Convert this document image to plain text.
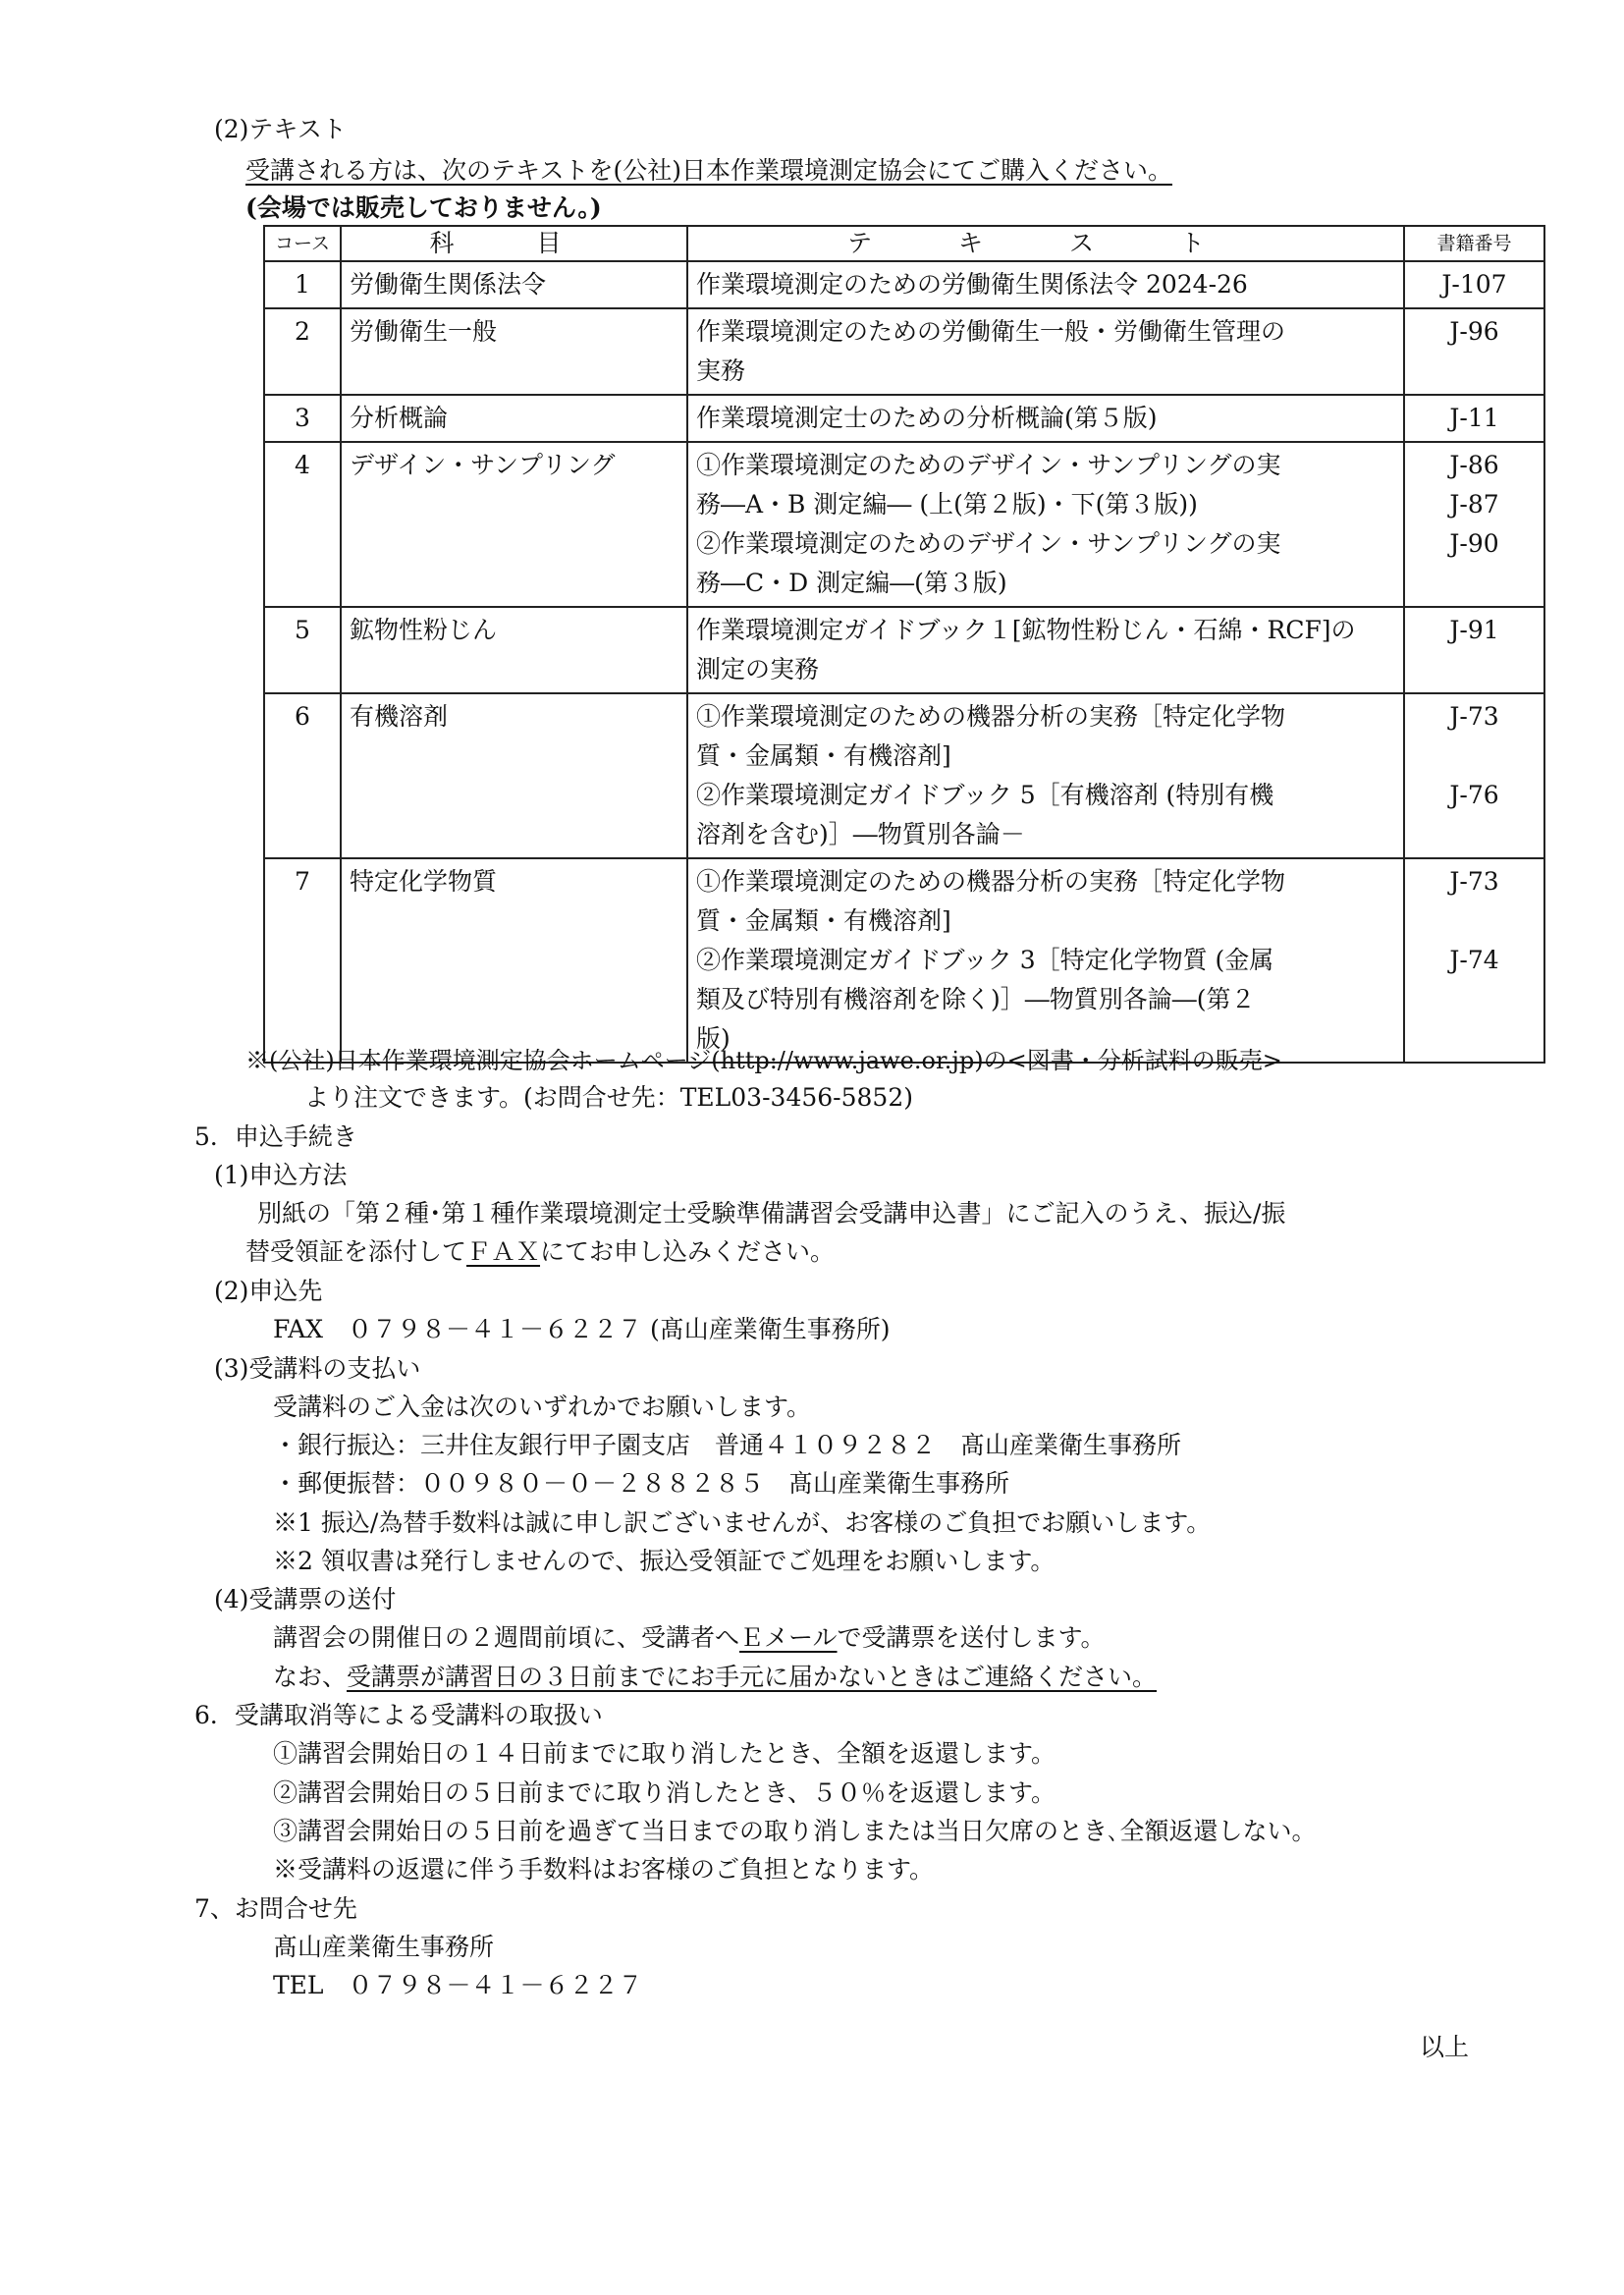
(2)テキスト
受講される方は、次のテキストを(公社)日本作業環境測定協会にてご購入ください。
(会場では販売しておりません。)
コース	科 目	テ キ ス ト	書籍番号
1	労働衛生関係法令	作業環境測定のための労働衛生関係法令 2024-26	J-107

2	労働衛生一般	作業環境測定のための労働衛生一般・労働衛生管理の
実務	J-96

3	分析概論	作業環境測定士のための分析概論(第５版)	J-11

4	デザイン・サンプリング	①作業環境測定のためのデザイン・サンプリングの実
務―A・B 測定編― (上(第２版)・下(第３版))
②作業環境測定のためのデザイン・サンプリングの実
務―C・D 測定編―(第３版)	J-86
J-87
J-90

5	鉱物性粉じん	作業環境測定ガイドブック１[鉱物性粉じん・石綿・RCF]の
測定の実務	J-91

6	有機溶剤	①作業環境測定のための機器分析の実務［特定化学物
質・金属類・有機溶剤]
②作業環境測定ガイドブック 5［有機溶剤 (特別有機
溶剤を含む)］―物質別各論－	J-73

J-76

7	特定化学物質	①作業環境測定のための機器分析の実務［特定化学物
質・金属類・有機溶剤]
②作業環境測定ガイドブック 3［特定化学物質 (金属
類及び特別有機溶剤を除く)］―物質別各論―(第２
版)	J-73

J-74
※(公社)日本作業環境測定協会ホームページ(http://www.jawe.or.jp)の<図書・分析試料の販売>
より注文できます。(お問合せ先：TEL03-3456-5852)
5．申込手続き
(1)申込方法
別紙の「第２種･第１種作業環境測定士受験準備講習会受講申込書」にご記入のうえ、振込/振
替受領証を添付してＦＡＸにてお申し込みください。
(2)申込先
FAX　０７９８－４１－６２２７ (髙山産業衛生事務所)
(3)受講料の支払い
受講料のご入金は次のいずれかでお願いします。
・銀行振込：三井住友銀行甲子園支店　普通４１０９２８２　髙山産業衛生事務所
・郵便振替：００９８０－０－２８８２８５　髙山産業衛生事務所
※1 振込/為替手数料は誠に申し訳ございませんが、お客様のご負担でお願いします。
※2 領収書は発行しませんので、振込受領証でご処理をお願いします。
(4)受講票の送付
講習会の開催日の２週間前頃に、受講者へＥメールで受講票を送付します。
なお、受講票が講習日の３日前までにお手元に届かないときはご連絡ください。
6．受講取消等による受講料の取扱い
①講習会開始日の１４日前までに取り消したとき、全額を返還します。
②講習会開始日の５日前までに取り消したとき、５０％を返還します。
③講習会開始日の５日前を過ぎて当日までの取り消しまたは当日欠席のとき､全額返還しない。
※受講料の返還に伴う手数料はお客様のご負担となります。
7、お問合せ先
髙山産業衛生事務所
TEL　０７９８－４１－６２２７
以上
